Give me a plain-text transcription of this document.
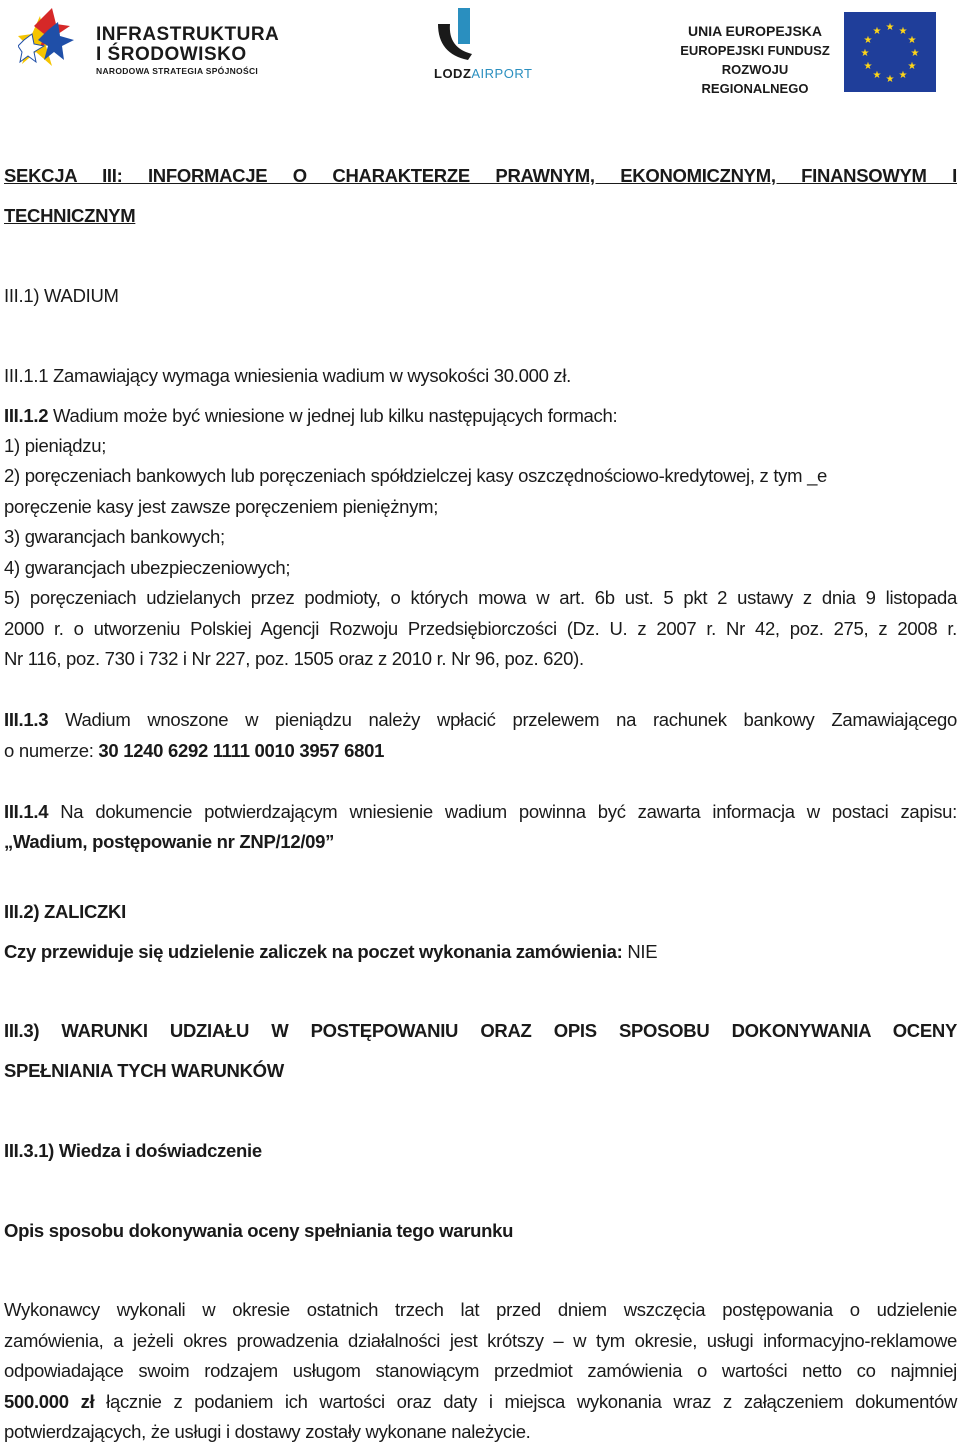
INFRASTRUKTURA
I ŚRODOWISKO
NARODOWA STRATEGIA SPÓJNOŚCI	LODZAIRPORT
UNIA EUROPEJSKA
EUROPEJSKI FUNDUSZ
ROZWOJU REGIONALNEGO
★ ★
★
★
★
★
★
★
★
★
★
★
SEKCJA III: INFORMACJE O CHARAKTERZE PRAWNYM, EKONOMICZNYM, FINANSOWYM I
TECHNICZNYM
III.1) WADIUM
III.1.1 Zamawiający wymaga wniesienia wadium w wysokości 30.000 zł.
III.1.2 Wadium może być wniesione w jednej lub kilku następujących formach:
1) pieniądzu;
2) poręczeniach bankowych lub poręczeniach spółdzielczej kasy oszczędnościowo-kredytowej, z tym _e
poręczenie kasy jest zawsze poręczeniem pieniężnym;
3) gwarancjach bankowych;
4) gwarancjach ubezpieczeniowych;
5) poręczeniach udzielanych przez podmioty, o których mowa w art. 6b ust. 5 pkt 2 ustawy z dnia 9 listopada
2000 r. o utworzeniu Polskiej Agencji Rozwoju Przedsiębiorczości (Dz. U. z 2007 r. Nr 42, poz. 275, z 2008 r.
Nr 116, poz. 730 i 732 i Nr 227, poz. 1505 oraz z 2010 r. Nr 96, poz. 620).
III.1.3 Wadium wnoszone w pieniądzu należy wpłacić przelewem na rachunek bankowy Zamawiającego
o numerze: 30 1240 6292 1111 0010 3957 6801
III.1.4 Na dokumencie potwierdzającym wniesienie wadium powinna być zawarta informacja w postaci zapisu:
„Wadium, postępowanie nr ZNP/12/09”
III.2) ZALICZKI
Czy przewiduje się udzielenie zaliczek na poczet wykonania zamówienia: NIE
III.3) WARUNKI UDZIAŁU W POSTĘPOWANIU ORAZ OPIS SPOSOBU DOKONYWANIA OCENY
SPEŁNIANIA TYCH WARUNKÓW
III.3.1) Wiedza i doświadczenie
Opis sposobu dokonywania oceny spełniania tego warunku
Wykonawcy wykonali w okresie ostatnich trzech lat przed dniem wszczęcia postępowania o udzielenie
zamówienia, a jeżeli okres prowadzenia działalności jest krótszy – w tym okresie, usługi informacyjno-reklamowe
odpowiadające swoim rodzajem usługom stanowiącym przedmiot zamówienia o wartości netto co najmniej
500.000 zł łącznie z podaniem ich wartości oraz daty i miejsca wykonania wraz z załączeniem dokumentów
potwierdzających, że usługi i dostawy zostały wykonane należycie.
